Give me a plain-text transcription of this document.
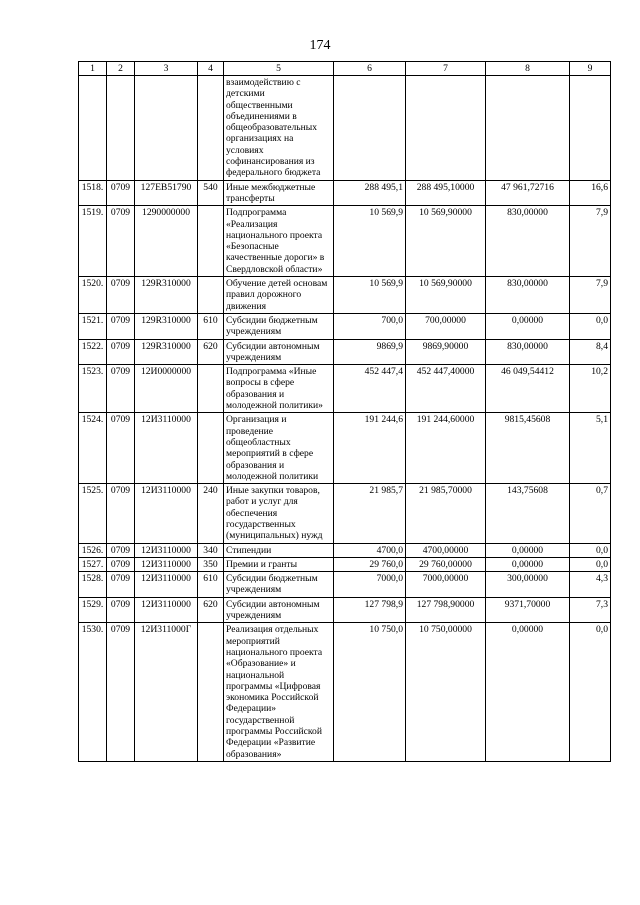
174
1	2	3	4	5	6	7	8	9
				взаимодействию с детскими общественными объединениями в общеобразовательных организациях на условиях софинансирования из федерального бюджета				
1518.	0709	127EB51790	540	Иные межбюджетные трансферты	288 495,1	288 495,10000	47 961,72716	16,6
1519.	0709	1290000000		Подпрограмма «Реализация национального проекта «Безопасные качественные дороги» в Свердловской области»	10 569,9	10 569,90000	830,00000	7,9
1520.	0709	129R310000		Обучение детей основам правил дорожного движения	10 569,9	10 569,90000	830,00000	7,9
1521.	0709	129R310000	610	Субсидии бюджетным учреждениям	700,0	700,00000	0,00000	0,0
1522.	0709	129R310000	620	Субсидии автономным учреждениям	9869,9	9869,90000	830,00000	8,4
1523.	0709	12И0000000		Подпрограмма «Иные вопросы в сфере образования и молодежной политики»	452 447,4	452 447,40000	46 049,54412	10,2
1524.	0709	12И3110000		Организация и проведение общеобластных мероприятий в сфере образования и молодежной политики	191 244,6	191 244,60000	9815,45608	5,1
1525.	0709	12И3110000	240	Иные закупки товаров, работ и услуг для обеспечения государственных (муниципальных) нужд	21 985,7	21 985,70000	143,75608	0,7
1526.	0709	12И3110000	340	Стипендии	4700,0	4700,00000	0,00000	0,0
1527.	0709	12И3110000	350	Премии и гранты	29 760,0	29 760,00000	0,00000	0,0
1528.	0709	12И3110000	610	Субсидии бюджетным учреждениям	7000,0	7000,00000	300,00000	4,3
1529.	0709	12И3110000	620	Субсидии автономным учреждениям	127 798,9	127 798,90000	9371,70000	7,3
1530.	0709	12И311000Г		Реализация отдельных мероприятий национального проекта «Образование» и национальной программы «Цифровая экономика Российской Федерации» государственной программы Российской Федерации «Развитие образования»	10 750,0	10 750,00000	0,00000	0,0
